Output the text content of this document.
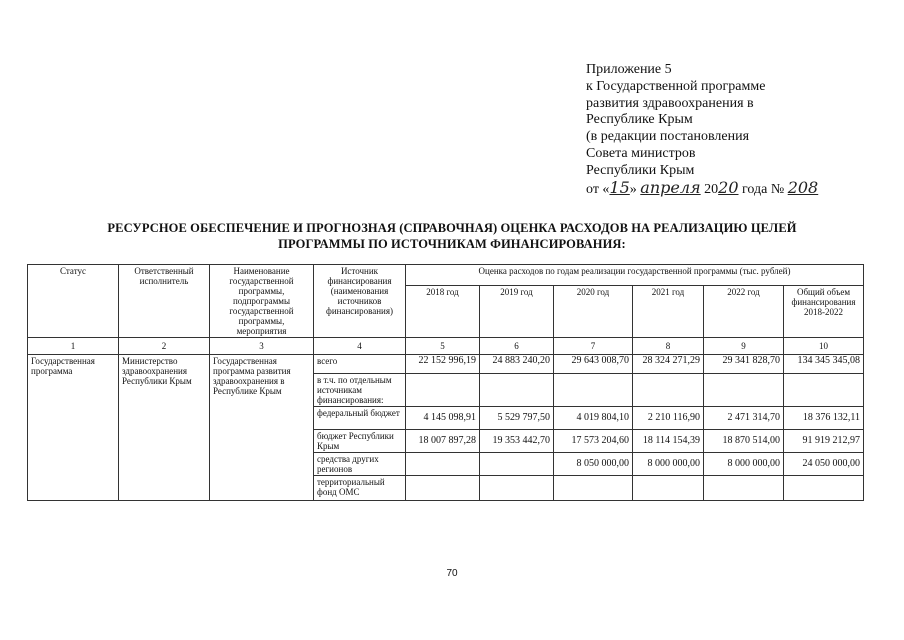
Приложение 5
к Государственной программе
развития здравоохранения в
Республике Крым
(в редакции постановления
Совета министров
Республики Крым
от «15» апреля 2020 года № 208
РЕСУРСНОЕ ОБЕСПЕЧЕНИЕ И ПРОГНОЗНАЯ (СПРАВОЧНАЯ) ОЦЕНКА РАСХОДОВ НА РЕАЛИЗАЦИЮ ЦЕЛЕЙ
ПРОГРАММЫ ПО ИСТОЧНИКАМ ФИНАНСИРОВАНИЯ:
Статус	Ответственный исполнитель	Наименование государственной программы, подпрограммы государственной программы, мероприятия	Источник финансирования (наименования источников финансирования)	Оценка расходов по годам реализации государственной программы (тыс. рублей)					
				2018 год	2019 год	2020 год	2021 год	2022 год	Общий объем финансирования 2018-2022
1	2	3	4	5	6	7	8	9	10
Государственная программа	Министерство здравоохранения Республики Крым	Государственная программа развития здравоохранения в Республике Крым	всего	22 152 996,19	24 883 240,20	29 643 008,70	28 324 271,29	29 341 828,70	134 345 345,08
			в т.ч. по отдельным источникам финансирования:						
			федеральный бюджет	4 145 098,91	5 529 797,50	4 019 804,10	2 210 116,90	2 471 314,70	18 376 132,11
			бюджет Республики Крым	18 007 897,28	19 353 442,70	17 573 204,60	18 114 154,39	18 870 514,00	91 919 212,97
			средства других регионов			8 050 000,00	8 000 000,00	8 000 000,00	24 050 000,00
			территориальный фонд ОМС						
70
